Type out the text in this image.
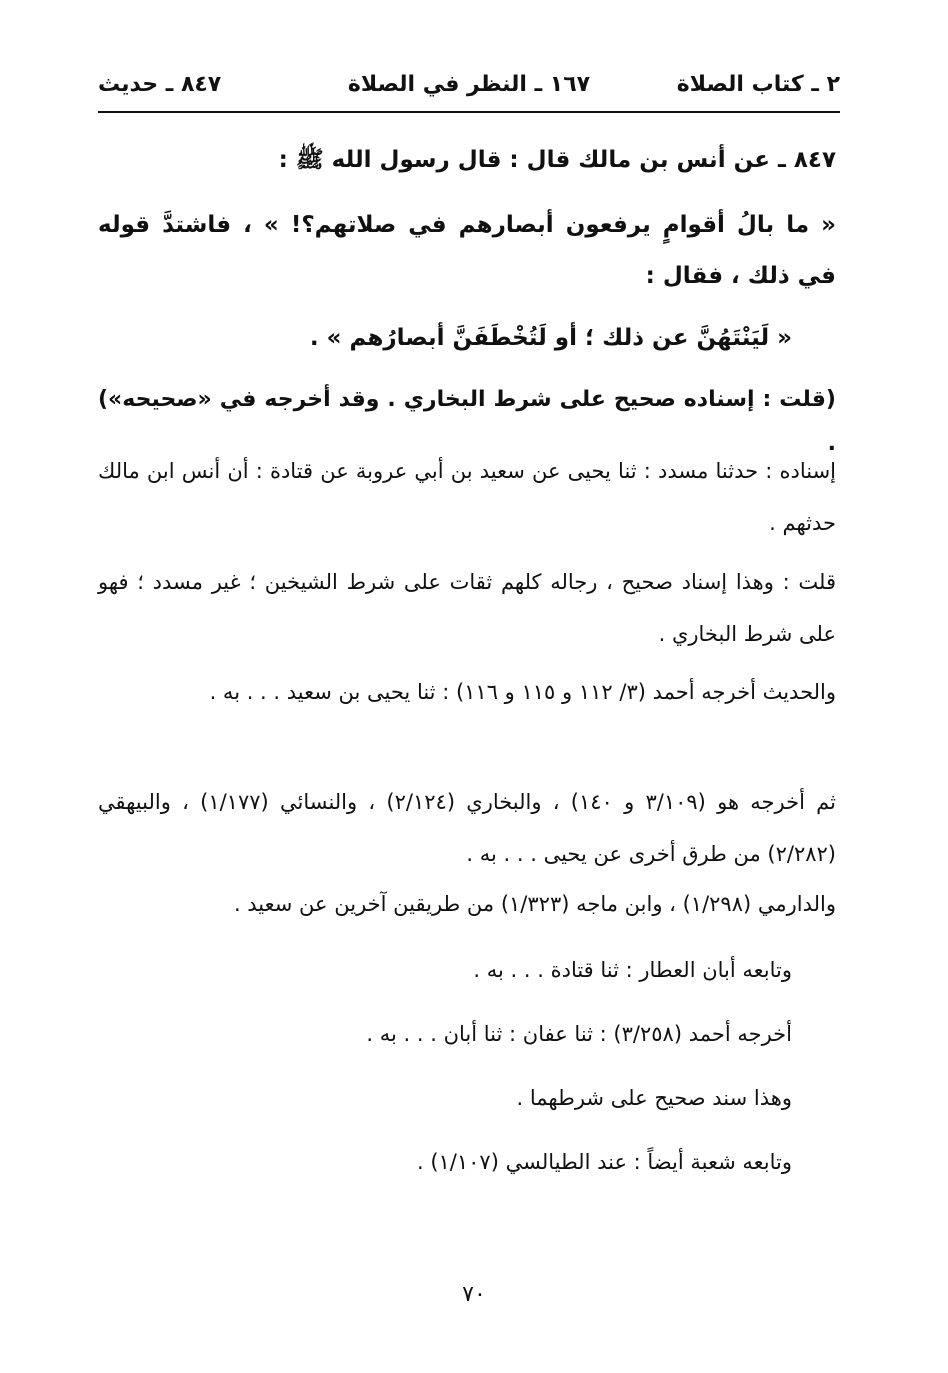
٢ ـ كتاب الصلاة
١٦٧ ـ النظر في الصلاة
٨٤٧ ـ حديث

٨٤٧ ـ عن أنس بن مالك قال : قال رسول الله ﷺ :

« ما بالُ أقوامٍ يرفعون أبصارهم في صلاتهم؟! » ، فاشتدَّ قوله في ذلك ، فقال :

« لَيَنْتَهُنَّ عن ذلك ؛ أو لَتُخْطَفَنَّ أبصارُهم » .

(قلت : إسناده صحيح على شرط البخاري . وقد أخرجه في «صحيحه») .

إسناده : حدثنا مسدد : ثنا يحيى عن سعيد بن أبي عروبة عن قتادة : أن أنس ابن مالك حدثهم .

قلت : وهذا إسناد صحيح ، رجاله كلهم ثقات على شرط الشيخين ؛ غير مسدد ؛ فهو على شرط البخاري .

والحديث أخرجه أحمد (٣/ ١١٢ و ١١٥ و ١١٦) : ثنا يحيى بن سعيد . . . به .

ثم أخرجه هو (٣/١٠٩ و ١٤٠) ، والبخاري (٢/١٢٤) ، والنسائي (١/١٧٧) ، والبيهقي (٢/٢٨٢) من طرق أخرى عن يحيى . . . به .

والدارمي (١/٢٩٨) ، وابن ماجه (١/٣٢٣) من طريقين آخرين عن سعيد .

وتابعه أبان العطار : ثنا قتادة . . . به .

أخرجه أحمد (٣/٢٥٨) : ثنا عفان : ثنا أبان . . . به .

وهذا سند صحيح على شرطهما .

وتابعه شعبة أيضاً : عند الطيالسي (١/١٠٧) .

٧٠
